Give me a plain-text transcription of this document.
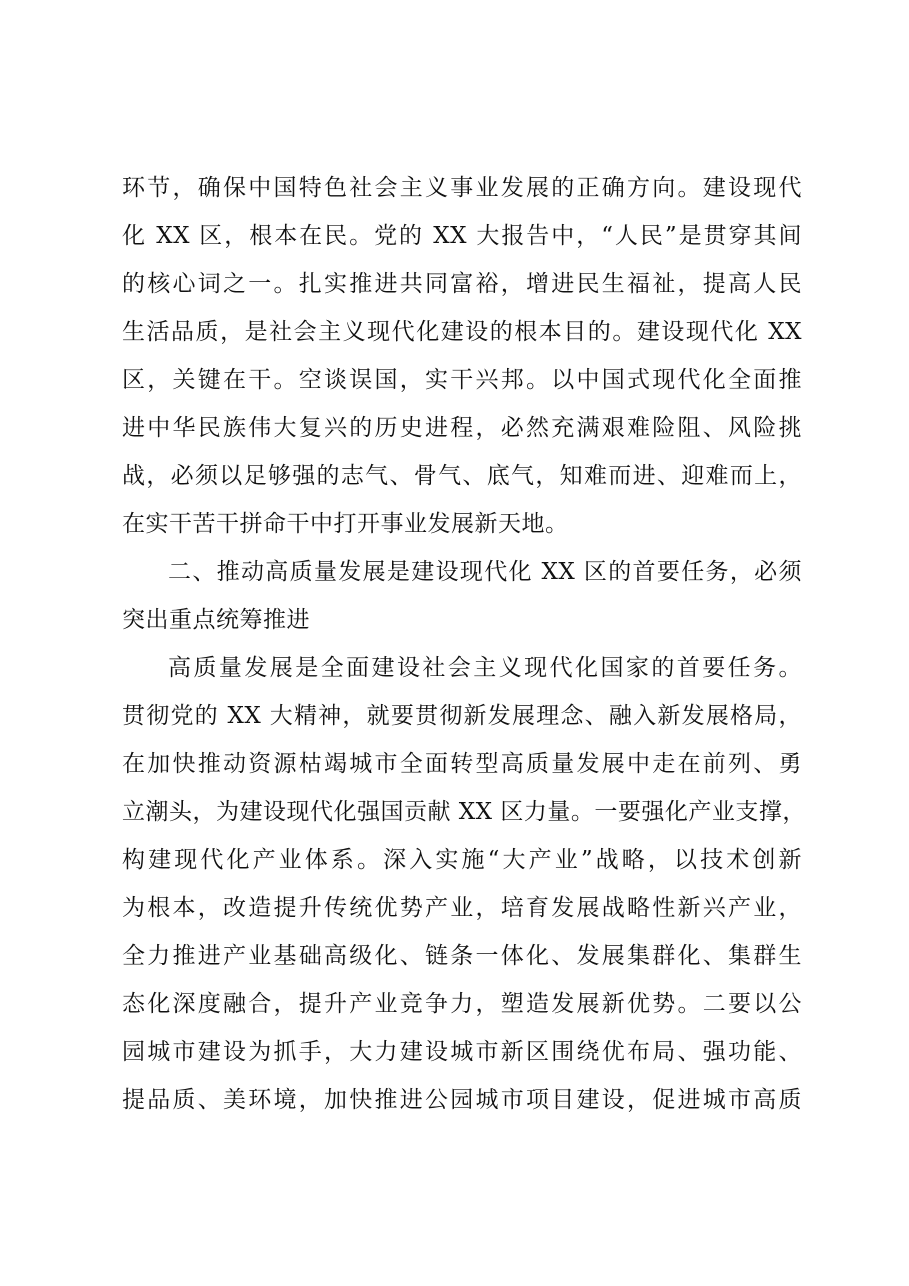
环节，确保中国特色社会主义事业发展的正确方向。建设现代
化 XX 区，根本在民。党的 XX 大报告中，“人民”是贯穿其间
的核心词之一。扎实推进共同富裕，增进民生福祉，提高人民
生活品质，是社会主义现代化建设的根本目的。建设现代化 XX
区，关键在干。空谈误国，实干兴邦。以中国式现代化全面推
进中华民族伟大复兴的历史进程，必然充满艰难险阻、风险挑
战，必须以足够强的志气、骨气、底气，知难而进、迎难而上，
在实干苦干拼命干中打开事业发展新天地。
二、推动高质量发展是建设现代化 XX 区的首要任务，必须
突出重点统筹推进
高质量发展是全面建设社会主义现代化国家的首要任务。
贯彻党的 XX 大精神，就要贯彻新发展理念、融入新发展格局，
在加快推动资源枯竭城市全面转型高质量发展中走在前列、勇
立潮头，为建设现代化强国贡献 XX 区力量。一要强化产业支撑，
构建现代化产业体系。深入实施“大产业”战略，以技术创新
为根本，改造提升传统优势产业，培育发展战略性新兴产业，
全力推进产业基础高级化、链条一体化、发展集群化、集群生
态化深度融合，提升产业竞争力，塑造发展新优势。二要以公
园城市建设为抓手，大力建设城市新区围绕优布局、强功能、
提品质、美环境，加快推进公园城市项目建设，促进城市高质
